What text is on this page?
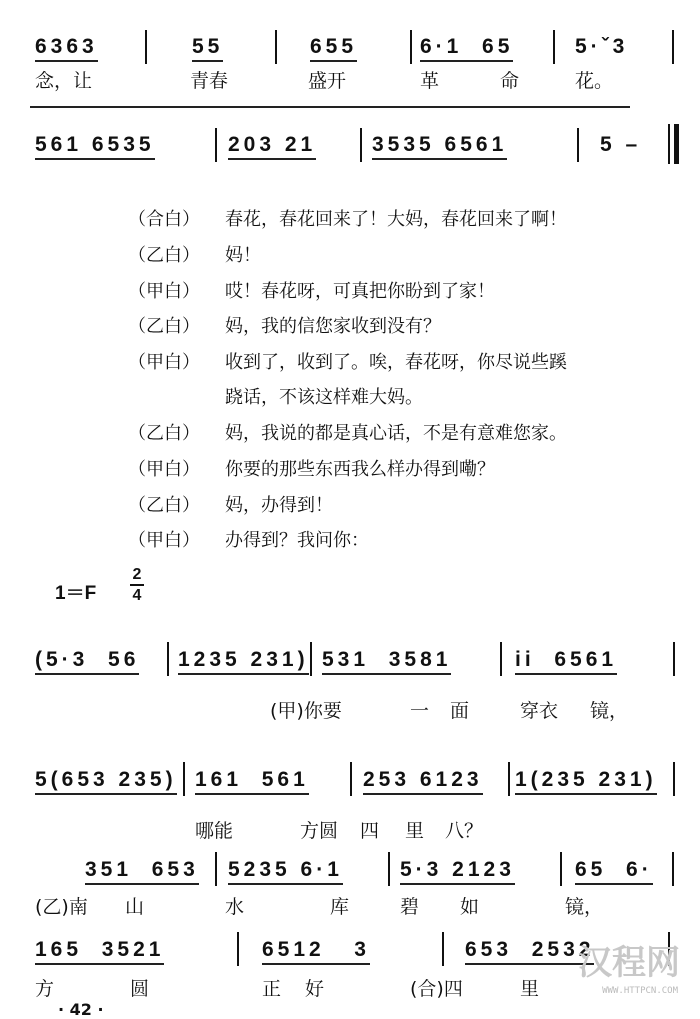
6363	55	655	6·1  65	5·ˇ3
念，让	青春	盛开	革	命	花。
561 6535	203 21	3535 6561	5 –
（合白） 春花，春花回来了！大妈，春花回来了啊！
（乙白） 妈！
（甲白） 哎！春花呀，可真把你盼到了家！
（乙白） 妈，我的信您家收到没有？
（甲白） 收到了，收到了。唉，春花呀，你尽说些蹊
跷话，不该这样难大妈。
（乙白） 妈，我说的都是真心话，不是有意难您家。
（甲白） 你要的那些东西我么样办得到嘞？
（乙白） 妈，办得到！
（甲白） 办得到？我问你：
1＝F
2
4
(5·3  56 1235 231) 531  3581	ii  6561
(甲)你要	一 面	穿衣 镜，
5(653 235) 161  561	253 6123 1(235 231)
哪能	方圆 四 里 八？
351  653 5235 6·1	5·3 2123	65  6·
(乙)南 山	水	库	碧 如	镜，
165  3521	6512   3	653  2532
方	圆	正 好	(合)四	里
· 42 ·
汉程网
WWW.HTTPCN.COM
